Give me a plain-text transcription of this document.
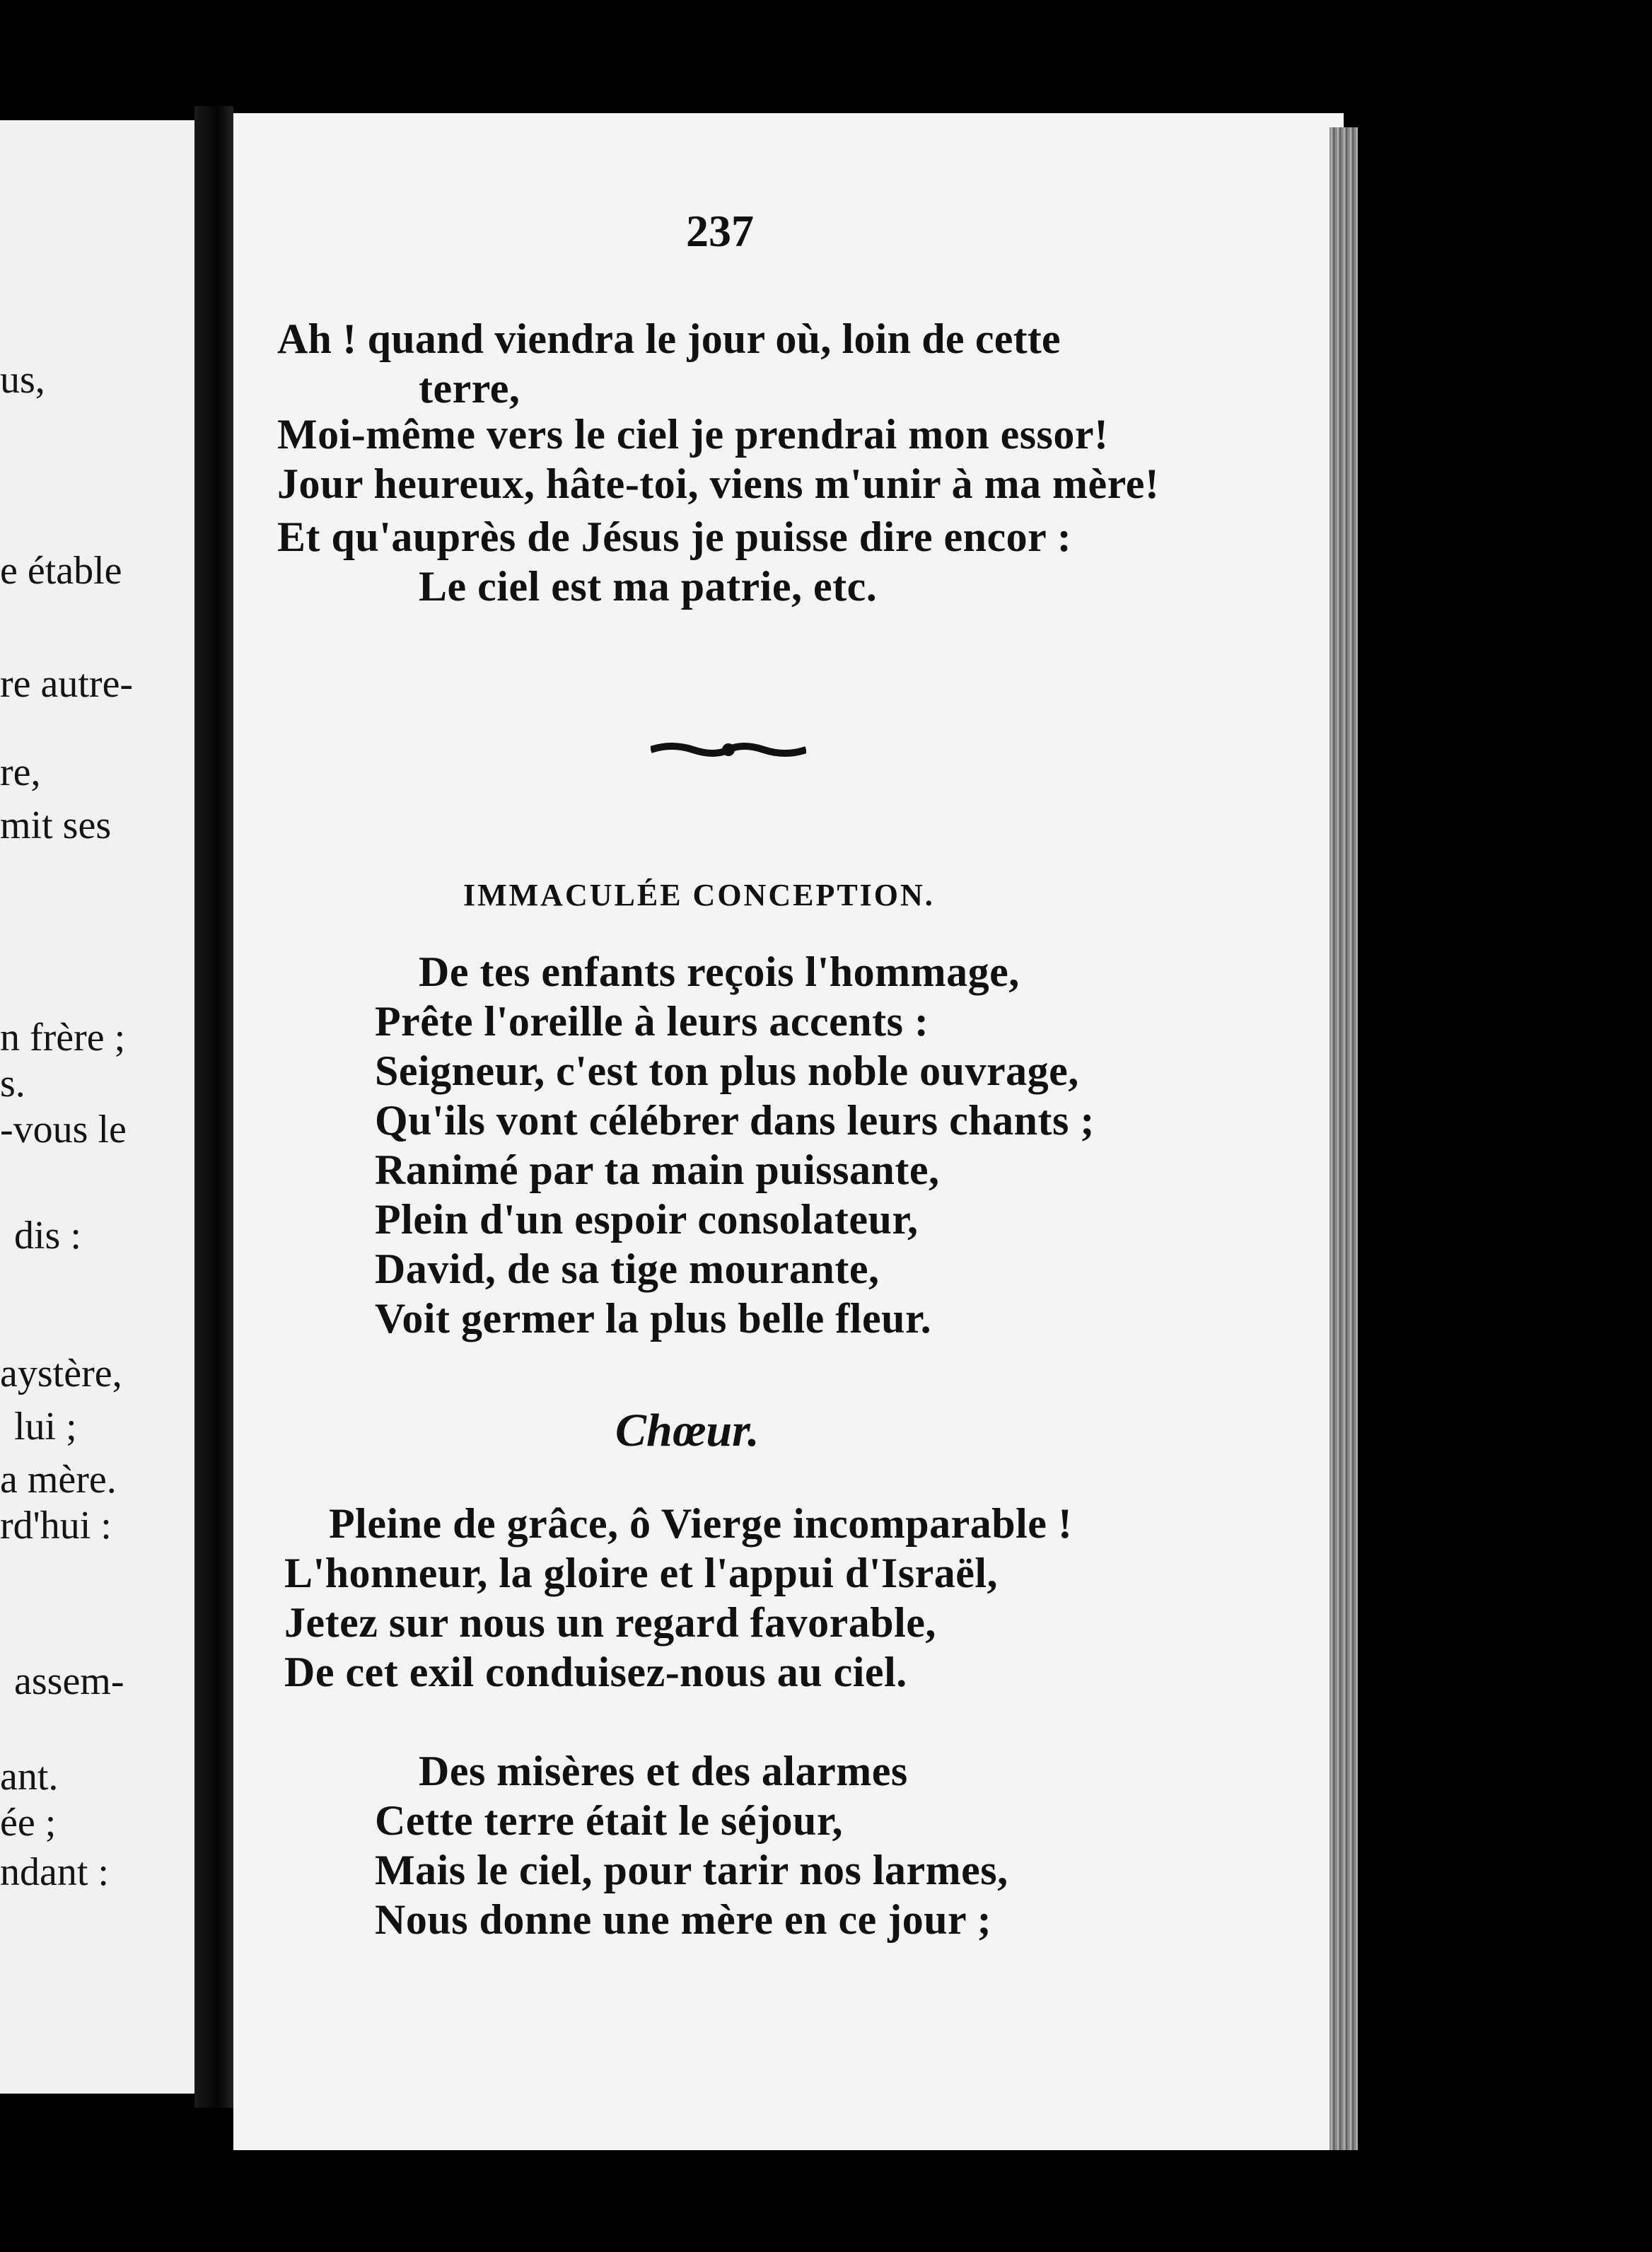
us,
e étable
re autre-
re,
mit ses
n frère ;
s.
-vous le
dis :
aystère,
lui ;
a mère.
rd'hui :
assem-
ant.
ée ;
ndant :
237
Ah ! quand viendra le jour où, loin de cette
terre,
Moi-même vers le ciel je prendrai mon essor!
Jour heureux, hâte-toi, viens m'unir à ma mère!
Et qu'auprès de Jésus je puisse dire encor :
Le ciel est ma patrie, etc.
IMMACULÉE CONCEPTION.
De tes enfants reçois l'hommage,
Prête l'oreille à leurs accents :
Seigneur, c'est ton plus noble ouvrage,
Qu'ils vont célébrer dans leurs chants ;
Ranimé par ta main puissante,
Plein d'un espoir consolateur,
David, de sa tige mourante,
Voit germer la plus belle fleur.
Chœur.
Pleine de grâce, ô Vierge incomparable !
L'honneur, la gloire et l'appui d'Israël,
Jetez sur nous un regard favorable,
De cet exil conduisez-nous au ciel.
Des misères et des alarmes
Cette terre était le séjour,
Mais le ciel, pour tarir nos larmes,
Nous donne une mère en ce jour ;
